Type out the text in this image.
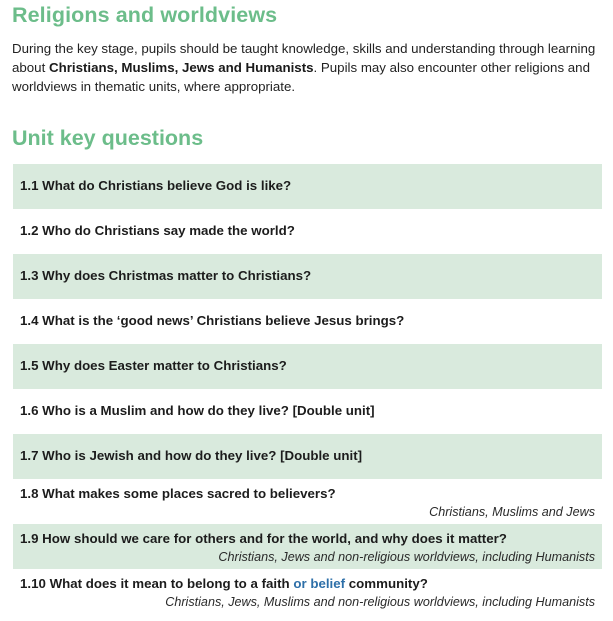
Religions and worldviews

During the key stage, pupils should be taught knowledge, skills and understanding through learning about Christians, Muslims, Jews and Humanists. Pupils may also encounter other religions and worldviews in thematic units, where appropriate.

Unit key questions
1.1 What do Christians believe God is like?
1.2 Who do Christians say made the world?
1.3 Why does Christmas matter to Christians?
1.4 What is the ‘good news’ Christians believe Jesus brings?
1.5 Why does Easter matter to Christians?
1.6 Who is a Muslim and how do they live? [Double unit]
1.7 Who is Jewish and how do they live? [Double unit]
1.8 What makes some places sacred to believers?
Christians, Muslims and Jews
1.9 How should we care for others and for the world, and why does it matter?
Christians, Jews and non-religious worldviews, including Humanists
1.10 What does it mean to belong to a faith or belief community?
Christians, Jews, Muslims and non-religious worldviews, including Humanists
